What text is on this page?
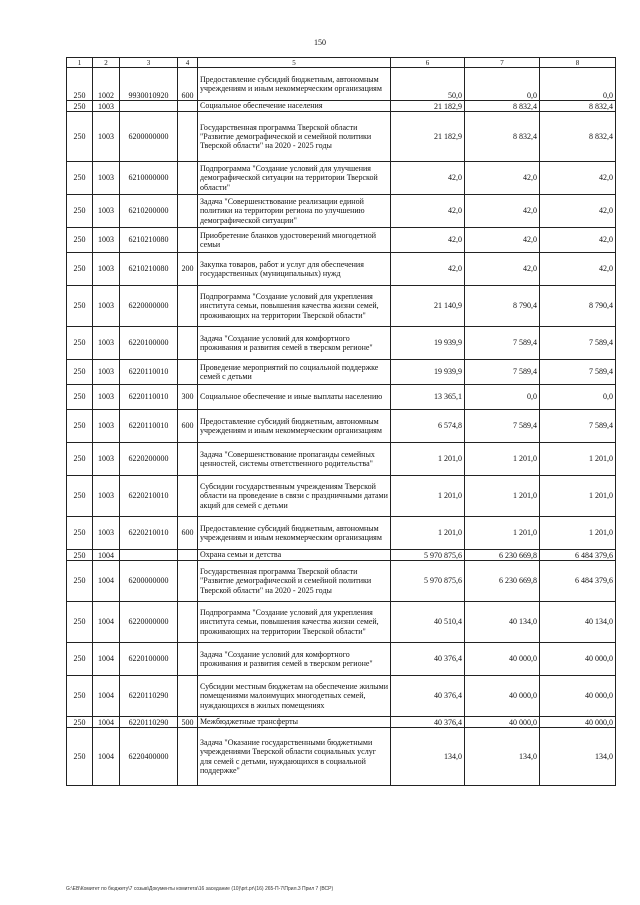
150
1	2	3	4	5	6	7	8
250	1002	9930010920	600	Предоставление субсидий бюджетным, автономным учреждениям и иным некоммерческим организациям	50,0	0,0	0,0
250	1003			Социальное обеспечение населения	21 182,9	8 832,4	8 832,4
250	1003	6200000000		Государственная программа Тверской области "Развитие демографической и семейной политики Тверской области" на 2020 - 2025 годы	21 182,9	8 832,4	8 832,4
250	1003	6210000000		Подпрограмма "Создание условий для улучшения демографической ситуации на территории Тверской области"	42,0	42,0	42,0
250	1003	6210200000		Задача "Совершенствование реализации единой политики на территории региона по улучшению демографической ситуации"	42,0	42,0	42,0
250	1003	6210210080		Приобретение бланков удостоверений многодетной семьи	42,0	42,0	42,0
250	1003	6210210080	200	Закупка товаров, работ и услуг для обеспечения государственных (муниципальных) нужд	42,0	42,0	42,0
250	1003	6220000000		Подпрограмма "Создание условий для укрепления института семьи, повышения качества жизни семей, проживающих на территории Тверской области"	21 140,9	8 790,4	8 790,4
250	1003	6220100000		Задача "Создание условий для комфортного проживания и развития семей в тверском регионе"	19 939,9	7 589,4	7 589,4
250	1003	6220110010		Проведение мероприятий по социальной поддержке семей с детьми	19 939,9	7 589,4	7 589,4
250	1003	6220110010	300	Социальное обеспечение и иные выплаты населению	13 365,1	0,0	0,0
250	1003	6220110010	600	Предоставление субсидий бюджетным, автономным учреждениям и иным некоммерческим организациям	6 574,8	7 589,4	7 589,4
250	1003	6220200000		Задача "Совершенствование пропаганды семейных ценностей, системы ответственного родительства"	1 201,0	1 201,0	1 201,0
250	1003	6220210010		Субсидии государственным учреждениям Тверской области на проведение в связи с праздничными датами акций для семей с детьми	1 201,0	1 201,0	1 201,0
250	1003	6220210010	600	Предоставление субсидий бюджетным, автономным учреждениям и иным некоммерческим организациям	1 201,0	1 201,0	1 201,0
250	1004			Охрана семьи и детства	5 970 875,6	6 230 669,8	6 484 379,6
250	1004	6200000000		Государственная программа Тверской области "Развитие демографической и семейной политики Тверской области" на 2020 - 2025 годы	5 970 875,6	6 230 669,8	6 484 379,6
250	1004	6220000000		Подпрограмма "Создание условий для укрепления института семьи, повышения качества жизни семей, проживающих на территории Тверской области"	40 510,4	40 134,0	40 134,0
250	1004	6220100000		Задача "Создание условий для комфортного проживания и развития семей в тверском регионе"	40 376,4	40 000,0	40 000,0
250	1004	6220110290		Субсидии местным бюджетам на обеспечение жилыми помещениями малоимущих многодетных семей, нуждающихся в жилых помещениях	40 376,4	40 000,0	40 000,0
250	1004	6220110290	500	Межбюджетные трансферты	40 376,4	40 000,0	40 000,0
250	1004	6220400000		Задача "Оказание государственными бюджетными учреждениями Тверской области социальных услуг для семей с детьми, нуждающихся в социальной поддержке"	134,0	134,0	134,0
G:\ЕВ\Комитет по бюджету\7 созыв\Документы комитета\16 заседание (10)\prt.pr\(16) 265-П-7\Прил.3 Прил 7 (ВСР)
